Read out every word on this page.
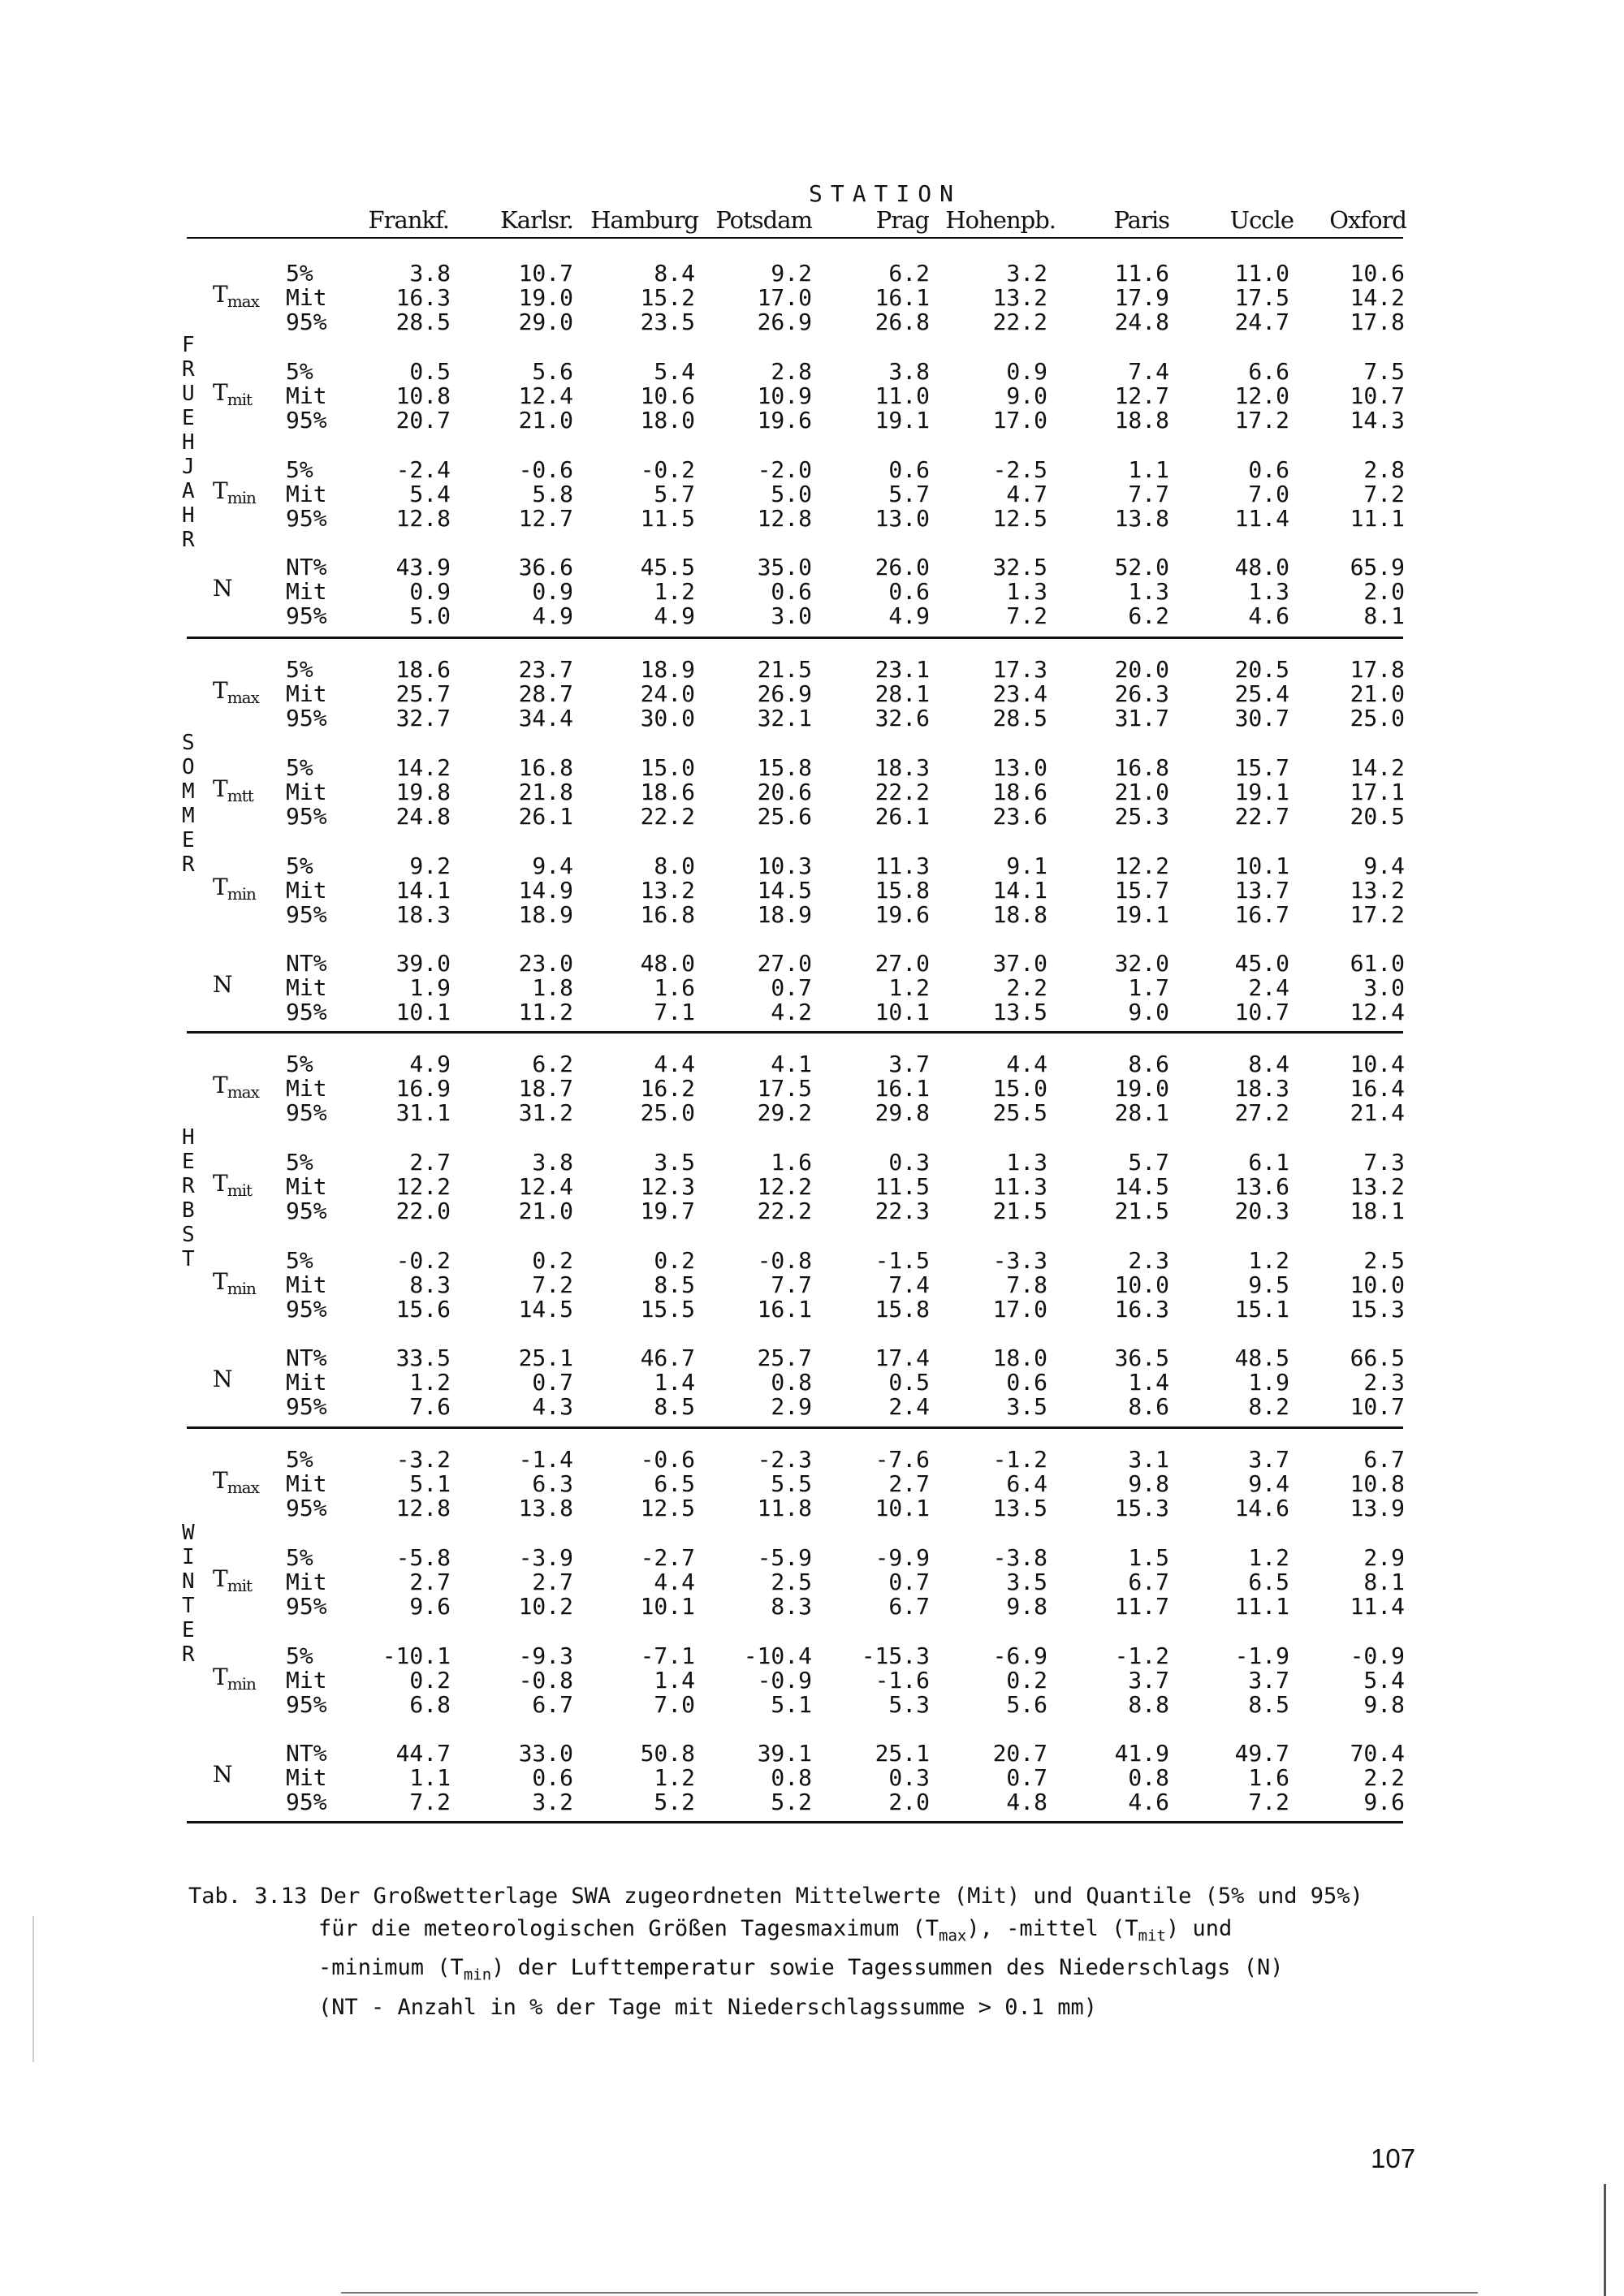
STATION
Frankf.	Karlsr. Hamburg Potsdam	Prag Hohenpb.	Paris	Uccle	Oxford
F
R
U
E
H
J
A
H
R
$T_{max}$
5%	3.8	10.7	8.4	9.2	6.2	3.2	11.6	11.0	10.6
Mit	16.3	19.0	15.2	17.0	16.1	13.2	17.9	17.5	14.2
95%	28.5	29.0	23.5	26.9	26.8	22.2	24.8	24.7	17.8
$T_{mit}$
5%	0.5	5.6	5.4	2.8	3.8	0.9	7.4	6.6	7.5
Mit	10.8	12.4	10.6	10.9	11.0	9.0	12.7	12.0	10.7
95%	20.7	21.0	18.0	19.6	19.1	17.0	18.8	17.2	14.3
$T_{min}$
5%	-2.4	-0.6	-0.2	-2.0	0.6	-2.5	1.1	0.6	2.8
Mit	5.4	5.8	5.7	5.0	5.7	4.7	7.7	7.0	7.2
95%	12.8	12.7	11.5	12.8	13.0	12.5	13.8	11.4	11.1
N
NT%	43.9	36.6	45.5	35.0	26.0	32.5	52.0	48.0	65.9
Mit	0.9	0.9	1.2	0.6	0.6	1.3	1.3	1.3	2.0
95%	5.0	4.9	4.9	3.0	4.9	7.2	6.2	4.6	8.1
S
O
M
M
E
R
$T_{max}$
5%	18.6	23.7	18.9	21.5	23.1	17.3	20.0	20.5	17.8
Mit	25.7	28.7	24.0	26.9	28.1	23.4	26.3	25.4	21.0
95%	32.7	34.4	30.0	32.1	32.6	28.5	31.7	30.7	25.0
$T_{mtt}$
5%	14.2	16.8	15.0	15.8	18.3	13.0	16.8	15.7	14.2
Mit	19.8	21.8	18.6	20.6	22.2	18.6	21.0	19.1	17.1
95%	24.8	26.1	22.2	25.6	26.1	23.6	25.3	22.7	20.5
$T_{min}$
5%	9.2	9.4	8.0	10.3	11.3	9.1	12.2	10.1	9.4
Mit	14.1	14.9	13.2	14.5	15.8	14.1	15.7	13.7	13.2
95%	18.3	18.9	16.8	18.9	19.6	18.8	19.1	16.7	17.2
N
NT%	39.0	23.0	48.0	27.0	27.0	37.0	32.0	45.0	61.0
Mit	1.9	1.8	1.6	0.7	1.2	2.2	1.7	2.4	3.0
95%	10.1	11.2	7.1	4.2	10.1	13.5	9.0	10.7	12.4
H
E
R
B
S
T
$T_{max}$
5%	4.9	6.2	4.4	4.1	3.7	4.4	8.6	8.4	10.4
Mit	16.9	18.7	16.2	17.5	16.1	15.0	19.0	18.3	16.4
95%	31.1	31.2	25.0	29.2	29.8	25.5	28.1	27.2	21.4
$T_{mit}$
5%	2.7	3.8	3.5	1.6	0.3	1.3	5.7	6.1	7.3
Mit	12.2	12.4	12.3	12.2	11.5	11.3	14.5	13.6	13.2
95%	22.0	21.0	19.7	22.2	22.3	21.5	21.5	20.3	18.1
$T_{min}$
5%	-0.2	0.2	0.2	-0.8	-1.5	-3.3	2.3	1.2	2.5
Mit	8.3	7.2	8.5	7.7	7.4	7.8	10.0	9.5	10.0
95%	15.6	14.5	15.5	16.1	15.8	17.0	16.3	15.1	15.3
N
NT%	33.5	25.1	46.7	25.7	17.4	18.0	36.5	48.5	66.5
Mit	1.2	0.7	1.4	0.8	0.5	0.6	1.4	1.9	2.3
95%	7.6	4.3	8.5	2.9	2.4	3.5	8.6	8.2	10.7
W
I
N
T
E
R
$T_{max}$
5%	-3.2	-1.4	-0.6	-2.3	-7.6	-1.2	3.1	3.7	6.7
Mit	5.1	6.3	6.5	5.5	2.7	6.4	9.8	9.4	10.8
95%	12.8	13.8	12.5	11.8	10.1	13.5	15.3	14.6	13.9
$T_{mit}$
5%	-5.8	-3.9	-2.7	-5.9	-9.9	-3.8	1.5	1.2	2.9
Mit	2.7	2.7	4.4	2.5	0.7	3.5	6.7	6.5	8.1
95%	9.6	10.2	10.1	8.3	6.7	9.8	11.7	11.1	11.4
$T_{min}$
5%	-10.1	-9.3	-7.1	-10.4	-15.3	-6.9	-1.2	-1.9	-0.9
Mit	0.2	-0.8	1.4	-0.9	-1.6	0.2	3.7	3.7	5.4
95%	6.8	6.7	7.0	5.1	5.3	5.6	8.8	8.5	9.8
N
NT%	44.7	33.0	50.8	39.1	25.1	20.7	41.9	49.7	70.4
Mit	1.1	0.6	1.2	0.8	0.3	0.7	0.8	1.6	2.2
95%	7.2	3.2	5.2	5.2	2.0	4.8	4.6	7.2	9.6
Tab. 3.13 Der Großwetterlage SWA zugeordneten Mittelwerte (Mit) und Quantile (5% und 95%)
für die meteorologischen Größen Tagesmaximum $(T_{max})$, -mittel $(T_{mit})$ und
-minimum $(T_{min})$ der Lufttemperatur sowie Tagessummen des Niederschlags (N)
(NT - Anzahl in % der Tage mit Niederschlagssumme > 0.1 mm)
107
